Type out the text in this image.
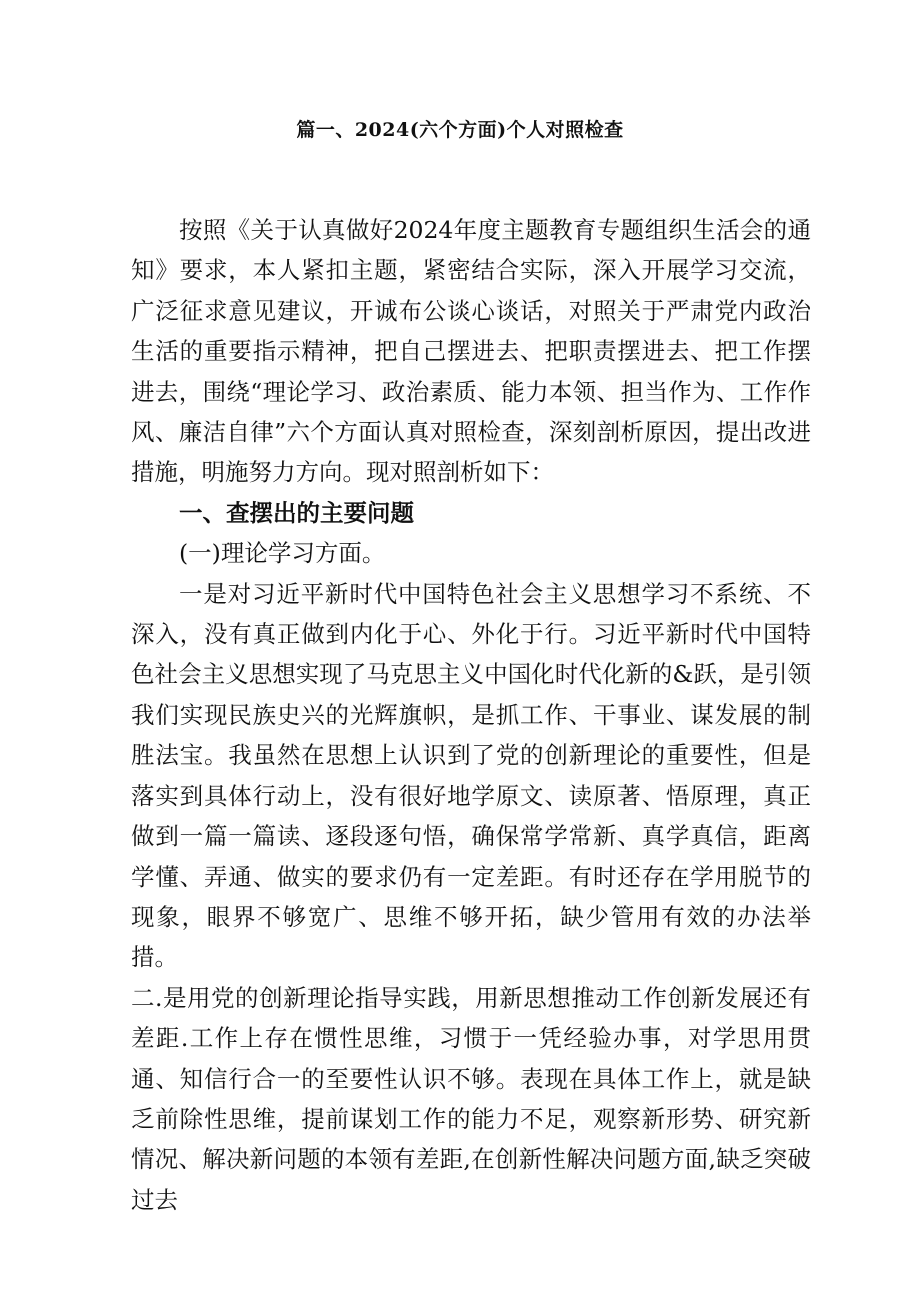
篇一、2024(六个方面)个人对照检查

按照《关于认真做好2024年度主题教育专题组织生活会的通知》要求，本人紧扣主题，紧密结合实际，深入开展学习交流，广泛征求意见建议，开诚布公谈心谈话，对照关于严肃党内政治生活的重要指示精神，把自己摆进去、把职责摆进去、把工作摆进去，围绕“理论学习、政治素质、能力本领、担当作为、工作作风、廉洁自律”六个方面认真对照检查，深刻剖析原因，提出改进措施，明施努力方向。现对照剖析如下：

一、查摆出的主要问题

(一)理论学习方面。

一是对习近平新时代中国特色社会主义思想学习不系统、不深入，没有真正做到内化于心、外化于行。习近平新时代中国特色社会主义思想实现了马克思主义中国化时代化新的&跃，是引领我们实现民族史兴的光辉旗帜，是抓工作、干事业、谋发展的制胜法宝。我虽然在思想上认识到了党的创新理论的重要性，但是落实到具体行动上，没有很好地学原文、读原著、悟原理，真正做到一篇一篇读、逐段逐句悟，确保常学常新、真学真信，距离学懂、弄通、做实的要求仍有一定差距。有时还存在学用脱节的现象，眼界不够宽广、思维不够开拓，缺少管用有效的办法举措。

二.是用党的创新理论指导实践，用新思想推动工作创新发展还有差距.工作上存在惯性思维，习惯于一凭经验办事，对学思用贯通、知信行合一的至要性认识不够。表现在具体工作上，就是缺乏前除性思维，提前谋划工作的能力不足，观察新形势、研究新情况、解决新问题的本领有差距,在创新性解决问题方面,缺乏突破过去
